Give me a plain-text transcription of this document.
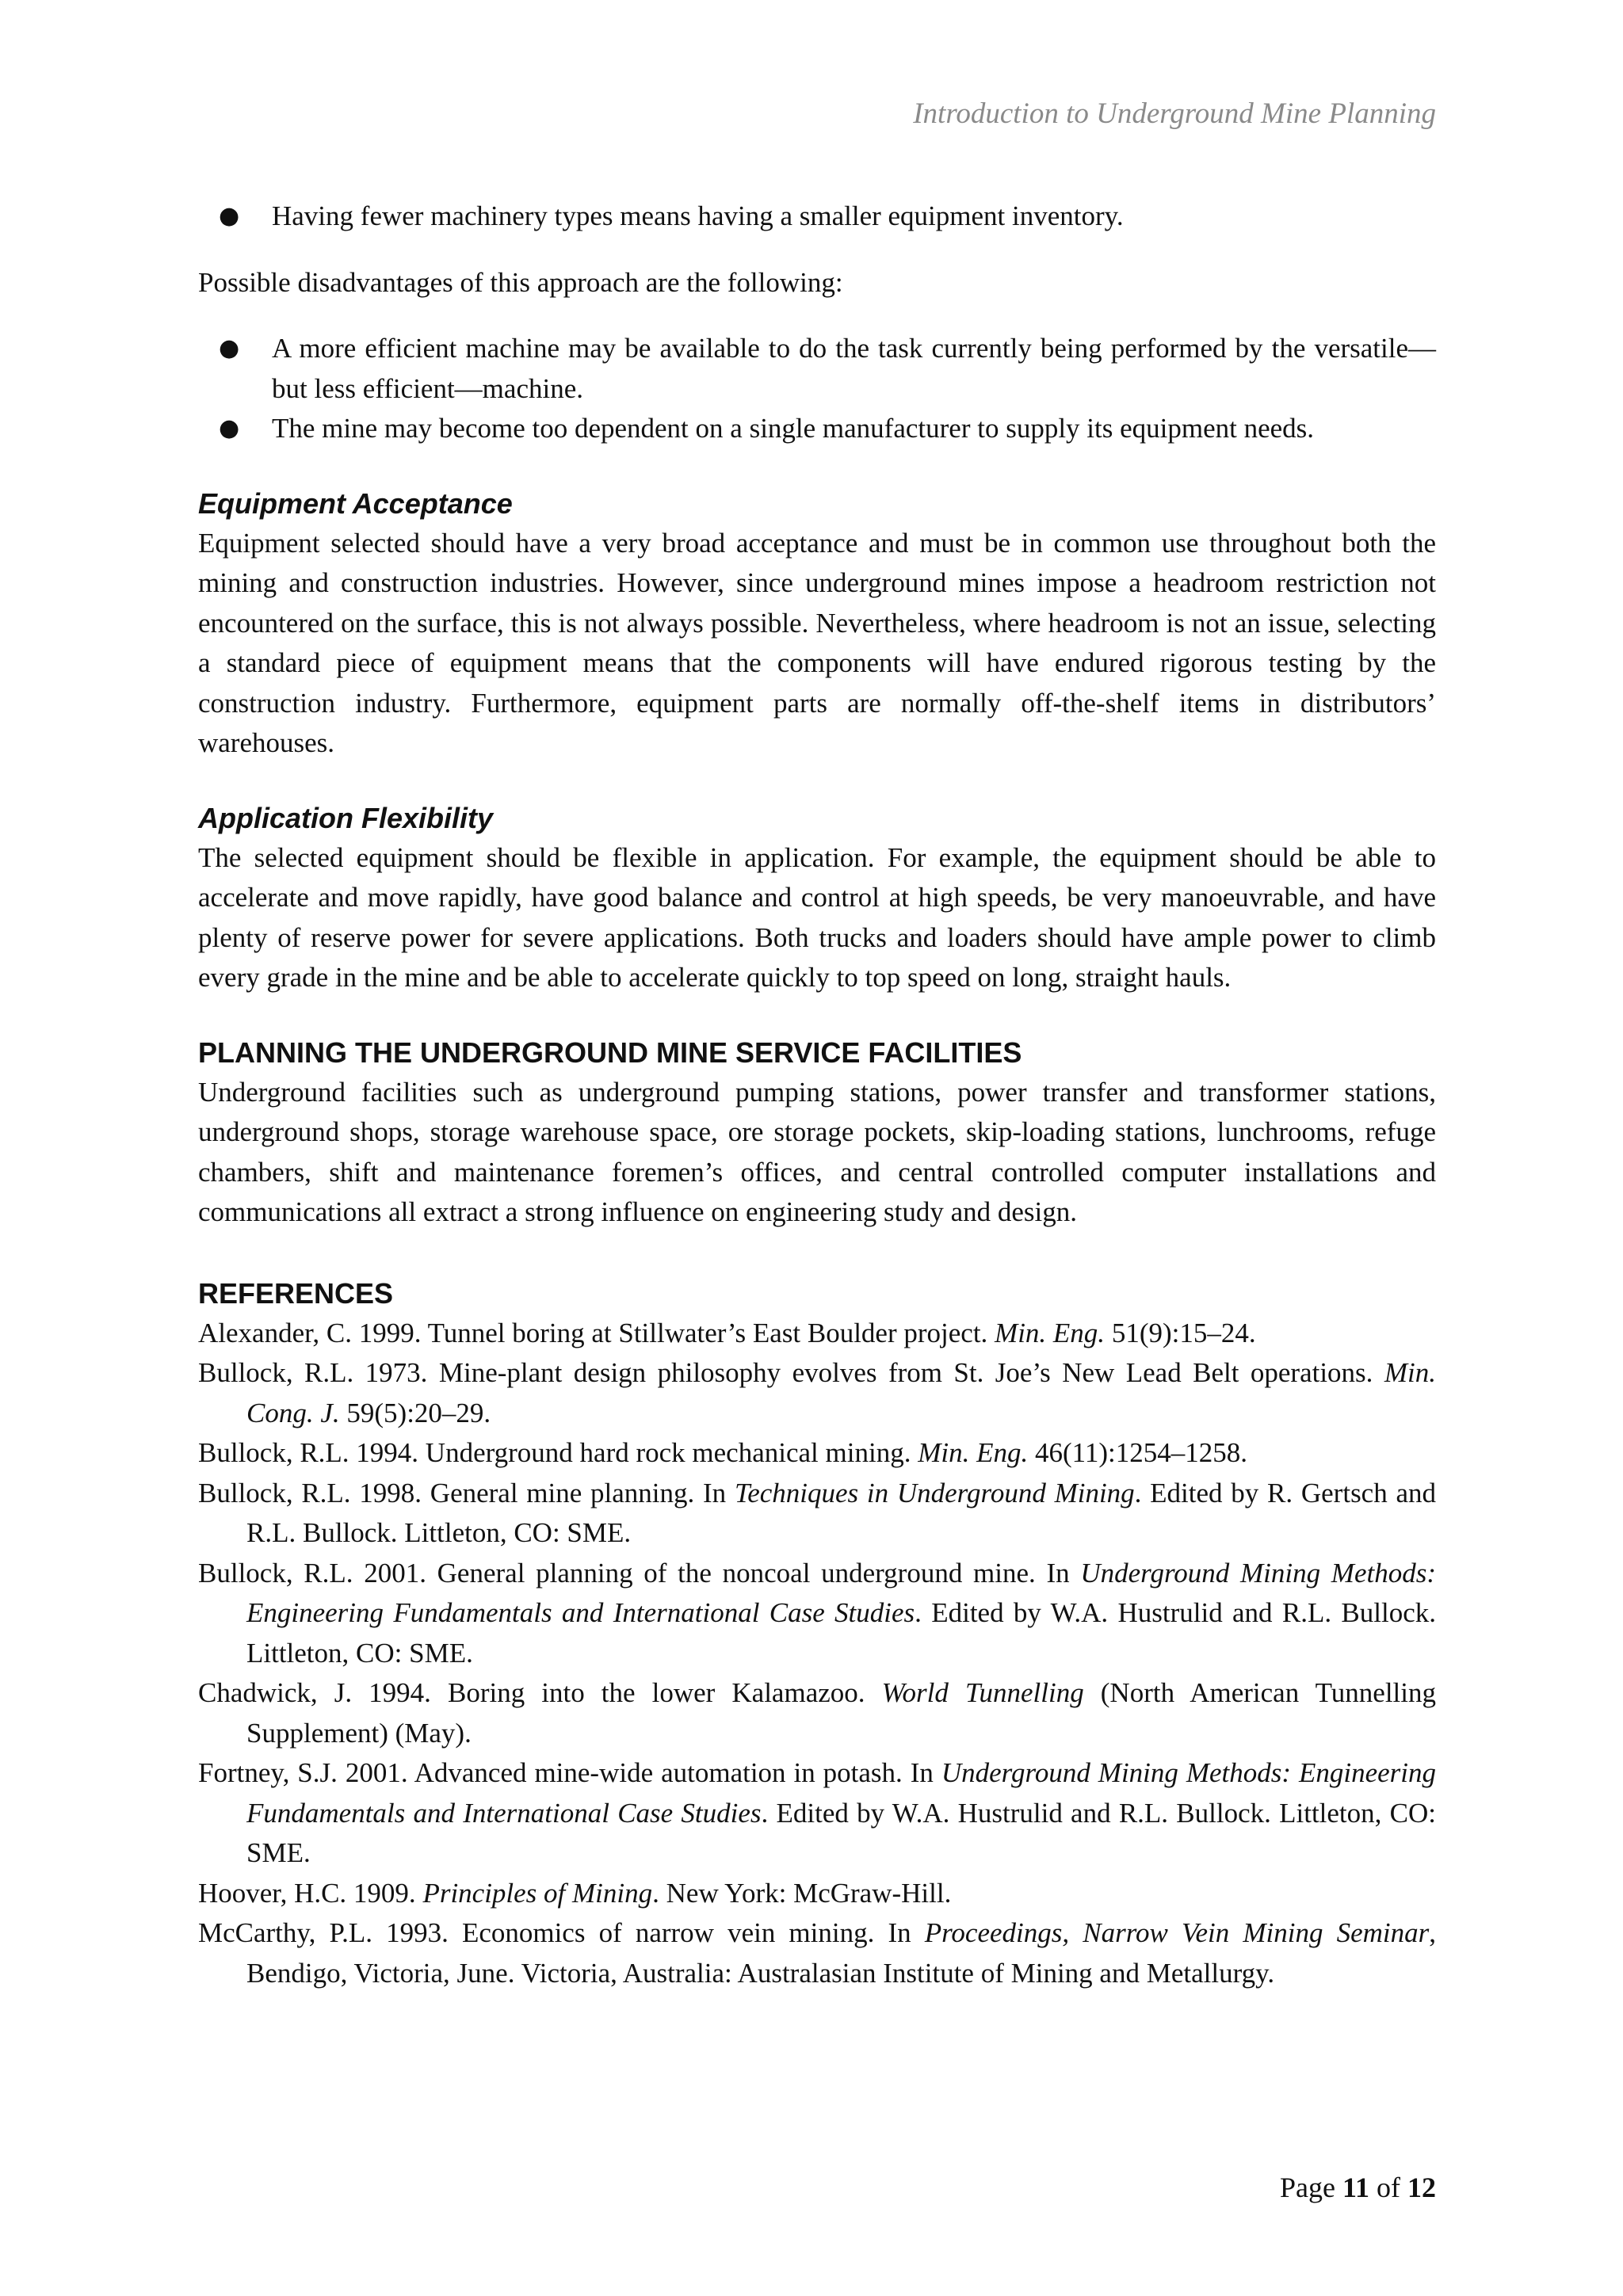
Introduction to Underground Mine Planning
● Having fewer machinery types means having a smaller equipment inventory.

Possible disadvantages of this approach are the following:

● A more efficient machine may be available to do the task currently being performed by the versatile—but less efficient—machine.
● The mine may become too dependent on a single manufacturer to supply its equipment needs.
Equipment Acceptance

Equipment selected should have a very broad acceptance and must be in common use throughout both the mining and construction industries. However, since underground mines impose a headroom restriction not encountered on the surface, this is not always possible. Nevertheless, where headroom is not an issue, selecting a standard piece of equipment means that the components will have endured rigorous testing by the construction industry. Furthermore, equipment parts are normally off-the-shelf items in distributors’ warehouses.

Application Flexibility

The selected equipment should be flexible in application. For example, the equipment should be able to accelerate and move rapidly, have good balance and control at high speeds, be very manoeuvrable, and have plenty of reserve power for severe applications. Both trucks and loaders should have ample power to climb every grade in the mine and be able to accelerate quickly to top speed on long, straight hauls.

PLANNING THE UNDERGROUND MINE SERVICE FACILITIES

Underground facilities such as underground pumping stations, power transfer and transformer stations, underground shops, storage warehouse space, ore storage pockets, skip-loading stations, lunchrooms, refuge chambers, shift and maintenance foremen’s offices, and central controlled computer installations and communications all extract a strong influence on engineering study and design.

REFERENCES
Alexander, C. 1999. Tunnel boring at Stillwater’s East Boulder project. Min. Eng. 51(9):15–24.
Bullock, R.L. 1973. Mine-plant design philosophy evolves from St. Joe’s New Lead Belt operations. Min. Cong. J. 59(5):20–29.
Bullock, R.L. 1994. Underground hard rock mechanical mining. Min. Eng. 46(11):1254–1258.
Bullock, R.L. 1998. General mine planning. In Techniques in Underground Mining. Edited by R. Gertsch and R.L. Bullock. Littleton, CO: SME.
Bullock, R.L. 2001. General planning of the noncoal underground mine. In Underground Mining Methods: Engineering Fundamentals and International Case Studies. Edited by W.A. Hustrulid and R.L. Bullock. Littleton, CO: SME.
Chadwick, J. 1994. Boring into the lower Kalamazoo. World Tunnelling (North American Tunnelling Supplement) (May).
Fortney, S.J. 2001. Advanced mine-wide automation in potash. In Underground Mining Methods: Engineering Fundamentals and International Case Studies. Edited by W.A. Hustrulid and R.L. Bullock. Littleton, CO: SME.
Hoover, H.C. 1909. Principles of Mining. New York: McGraw-Hill.
McCarthy, P.L. 1993. Economics of narrow vein mining. In Proceedings, Narrow Vein Mining Seminar, Bendigo, Victoria, June. Victoria, Australia: Australasian Institute of Mining and Metallurgy.
Page 11 of 12
